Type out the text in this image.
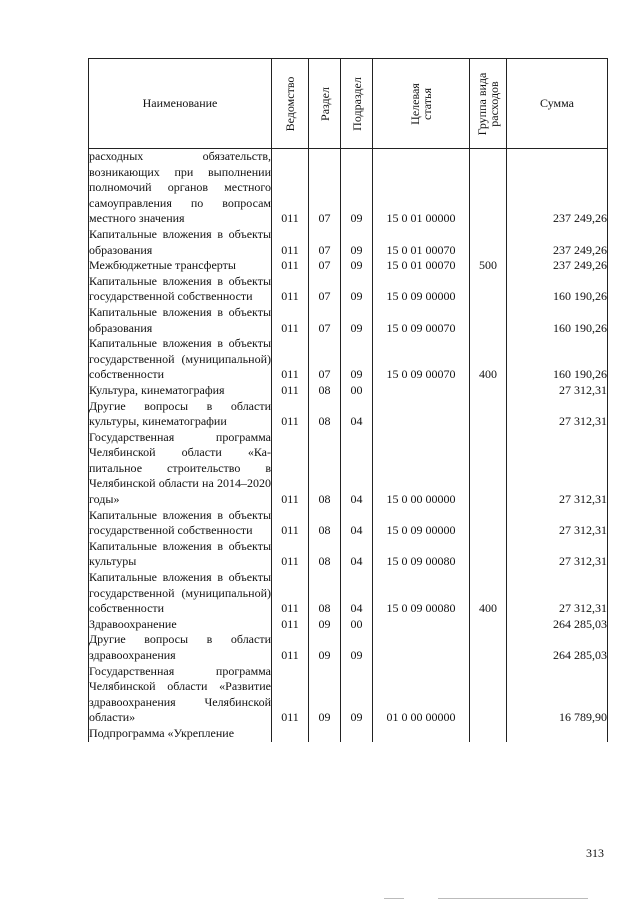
Наименование	Ведомство	Раздел	Подраздел	Целевая статья	Группа вида расходов	Сумма
расходных обязательств, возникающих при выполнении полномочий органов местного самоуправления по вопросам местного значения	011	07	09	15 0 01 00000		237 249,26
Капитальные вложения в объекты образования	011	07	09	15 0 01 00070		237 249,26
Межбюджетные трансферты	011	07	09	15 0 01 00070	500	237 249,26
Капитальные вложения в объекты государственной собственности	011	07	09	15 0 09 00000		160 190,26
Капитальные вложения в объекты образования	011	07	09	15 0 09 00070		160 190,26
Капитальные вложения в объекты государственной (муниципальной) собственности	011	07	09	15 0 09 00070	400	160 190,26
Культура, кинематография	011	08	00			27 312,31
Другие вопросы в области культуры, кинематографии	011	08	04			27 312,31
Государственная программа Челябинской области «Капитальное строительство в Челябинской области на 2014–2020 годы»	011	08	04	15 0 00 00000		27 312,31
Капитальные вложения в объекты государственной собственности	011	08	04	15 0 09 00000		27 312,31
Капитальные вложения в объекты культуры	011	08	04	15 0 09 00080		27 312,31
Капитальные вложения в объекты государственной (муниципальной) собственности	011	08	04	15 0 09 00080	400	27 312,31
Здравоохранение	011	09	00			264 285,03
Другие вопросы в области здравоохранения	011	09	09			264 285,03
Государственная программа Челябинской области «Развитие здравоохранения Челябинской области»	011	09	09	01 0 00 00000		16 789,90
Подпрограмма «Укрепление						
313
